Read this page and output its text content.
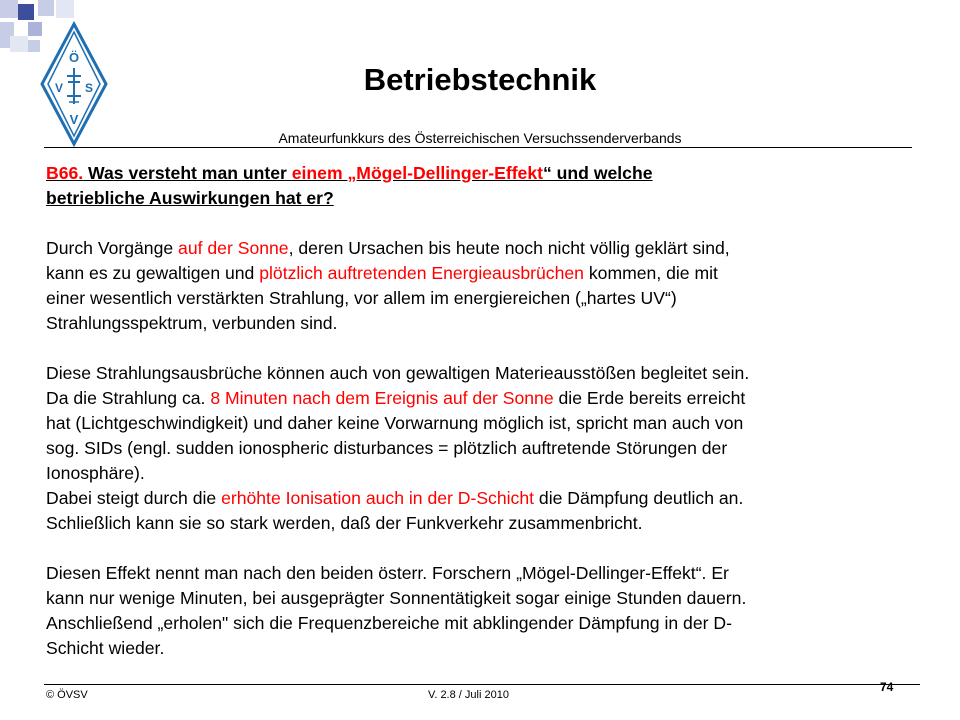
Ö
V S
V
Betriebstechnik
Amateurfunkkurs des Österreichischen Versuchssenderverbands

B66. Was versteht man unter einem „Mögel-Dellinger-Effekt“ und welche

betriebliche Auswirkungen hat er?

Durch Vorgänge auf der Sonne, deren Ursachen bis heute noch nicht völlig geklärt sind,

kann es zu gewaltigen und plötzlich auftretenden Energieausbrüchen kommen, die mit

einer wesentlich verstärkten Strahlung, vor allem im energiereichen („hartes UV“)

Strahlungsspektrum, verbunden sind.

Diese Strahlungsausbrüche können auch von gewaltigen Materieausstößen begleitet sein.

Da die Strahlung ca. 8 Minuten nach dem Ereignis auf der Sonne die Erde bereits erreicht

hat (Lichtgeschwindigkeit) und daher keine Vorwarnung möglich ist, spricht man auch von

sog. SIDs (engl. sudden ionospheric disturbances = plötzlich auftretende Störungen der

Ionosphäre).

Dabei steigt durch die erhöhte Ionisation auch in der D-Schicht die Dämpfung deutlich an.

Schließlich kann sie so stark werden, daß der Funkverkehr zusammenbricht.

Diesen Effekt nennt man nach den beiden österr. Forschern „Mögel-Dellinger-Effekt“. Er

kann nur wenige Minuten, bei ausgeprägter Sonnentätigkeit sogar einige Stunden dauern.

Anschließend „erholen" sich die Frequenzbereiche mit abklingender Dämpfung in der D-

Schicht wieder.

© ÖVSV	V. 2.8 / Juli 2010
74
